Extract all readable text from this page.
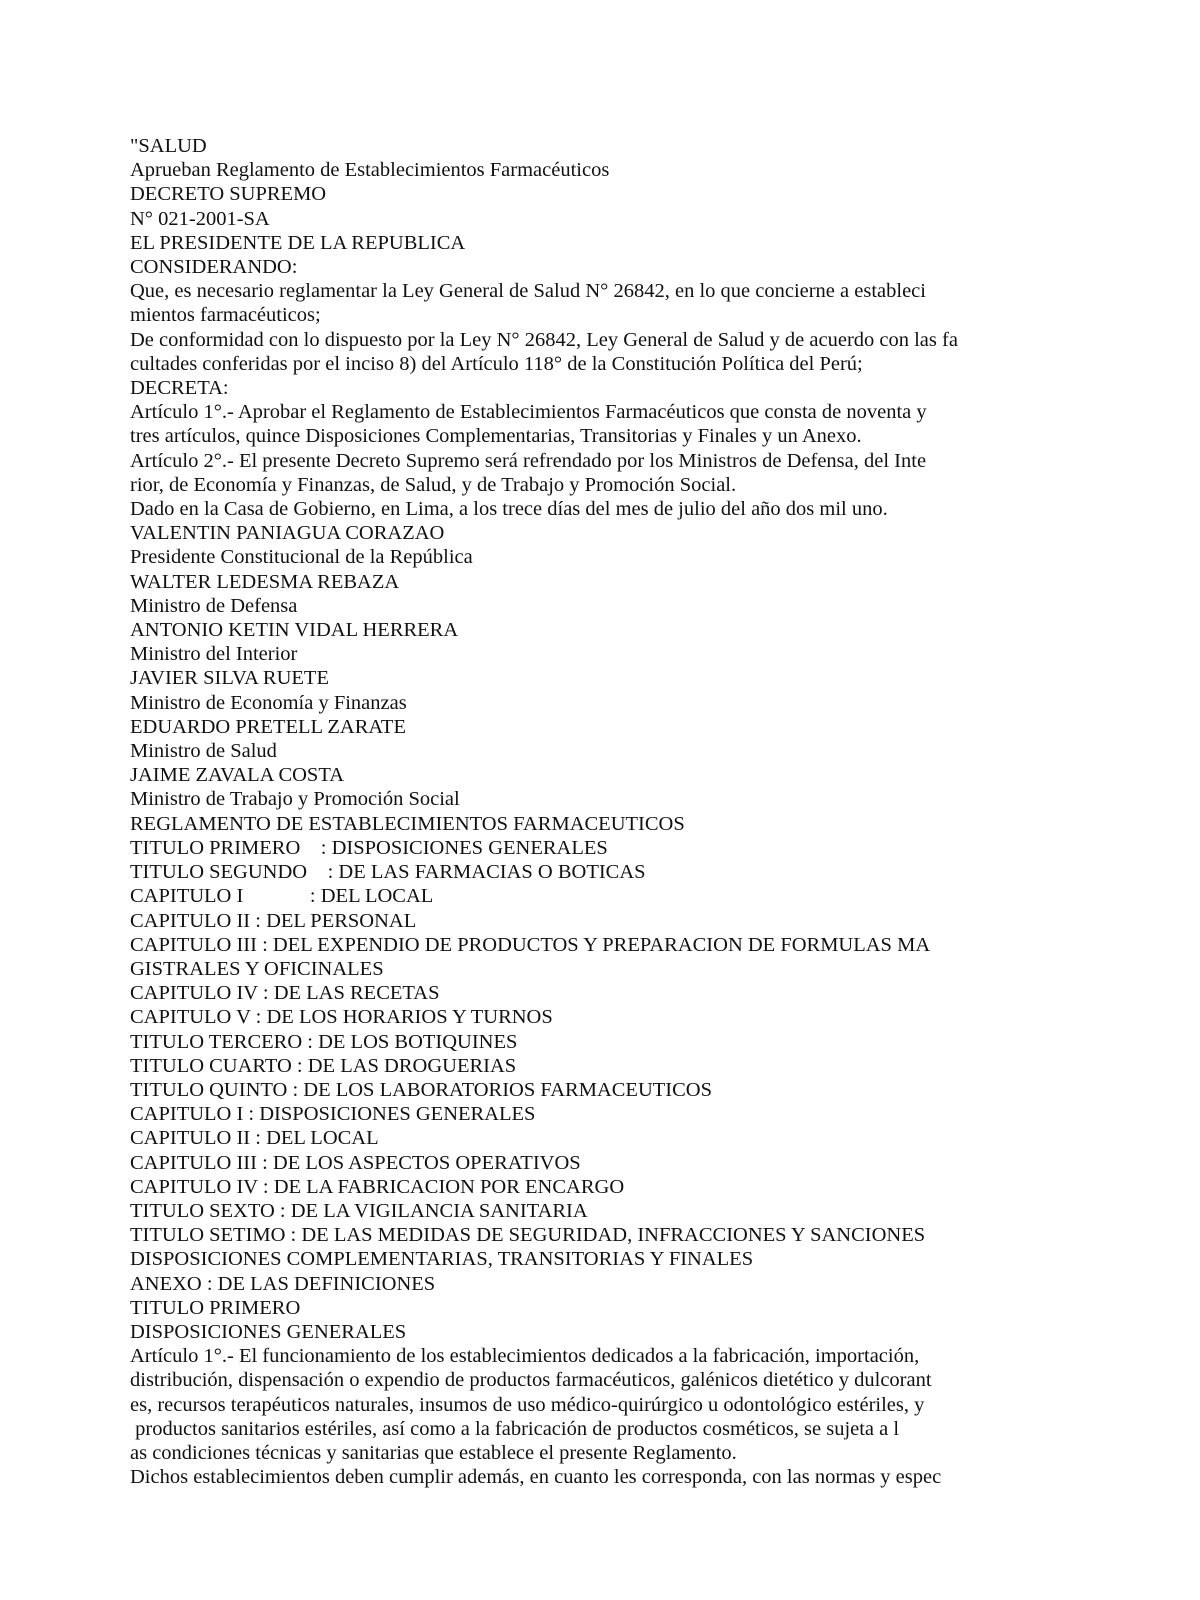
"SALUD
Aprueban Reglamento de Establecimientos Farmacéuticos
DECRETO SUPREMO
N° 021-2001-SA
EL PRESIDENTE DE LA REPUBLICA
CONSIDERANDO:
Que, es necesario reglamentar la Ley General de Salud N° 26842, en lo que concierne a estableci
mientos farmacéuticos;
De conformidad con lo dispuesto por la Ley N° 26842, Ley General de Salud y de acuerdo con las fa
cultades conferidas por el inciso 8) del Artículo 118° de la Constitución Política del Perú;
DECRETA:
Artículo 1°.- Aprobar el Reglamento de Establecimientos Farmacéuticos que consta de noventa y
tres artículos, quince Disposiciones Complementarias, Transitorias y Finales y un Anexo.
Artículo 2°.- El presente Decreto Supremo será refrendado por los Ministros de Defensa, del Inte
rior, de Economía y Finanzas, de Salud, y de Trabajo y Promoción Social.
Dado en la Casa de Gobierno, en Lima, a los trece días del mes de julio del año dos mil uno.
VALENTIN PANIAGUA CORAZAO
Presidente Constitucional de la República
WALTER LEDESMA REBAZA
Ministro de Defensa
ANTONIO KETIN VIDAL HERRERA
Ministro del Interior
JAVIER SILVA RUETE
Ministro de Economía y Finanzas
EDUARDO PRETELL ZARATE
Ministro de Salud
JAIME ZAVALA COSTA
Ministro de Trabajo y Promoción Social
REGLAMENTO DE ESTABLECIMIENTOS FARMACEUTICOS
TITULO PRIMERO    : DISPOSICIONES GENERALES
TITULO SEGUNDO    : DE LAS FARMACIAS O BOTICAS
CAPITULO I             : DEL LOCAL
CAPITULO II : DEL PERSONAL
CAPITULO III : DEL EXPENDIO DE PRODUCTOS Y PREPARACION DE FORMULAS MA
GISTRALES Y OFICINALES
CAPITULO IV : DE LAS RECETAS
CAPITULO V : DE LOS HORARIOS Y TURNOS
TITULO TERCERO : DE LOS BOTIQUINES
TITULO CUARTO : DE LAS DROGUERIAS
TITULO QUINTO : DE LOS LABORATORIOS FARMACEUTICOS
CAPITULO I : DISPOSICIONES GENERALES
CAPITULO II : DEL LOCAL
CAPITULO III : DE LOS ASPECTOS OPERATIVOS
CAPITULO IV : DE LA FABRICACION POR ENCARGO
TITULO SEXTO : DE LA VIGILANCIA SANITARIA
TITULO SETIMO : DE LAS MEDIDAS DE SEGURIDAD, INFRACCIONES Y SANCIONES
DISPOSICIONES COMPLEMENTARIAS, TRANSITORIAS Y FINALES
ANEXO : DE LAS DEFINICIONES
TITULO PRIMERO
DISPOSICIONES GENERALES
Artículo 1°.- El funcionamiento de los establecimientos dedicados a la fabricación, importación,
distribución, dispensación o expendio de productos farmacéuticos, galénicos dietético y dulcorant
es, recursos terapéuticos naturales, insumos de uso médico-quirúrgico u odontológico estériles, y
productos sanitarios estériles, así como a la fabricación de productos cosméticos, se sujeta a l
as condiciones técnicas y sanitarias que establece el presente Reglamento.
Dichos establecimientos deben cumplir además, en cuanto les corresponda, con las normas y espec
